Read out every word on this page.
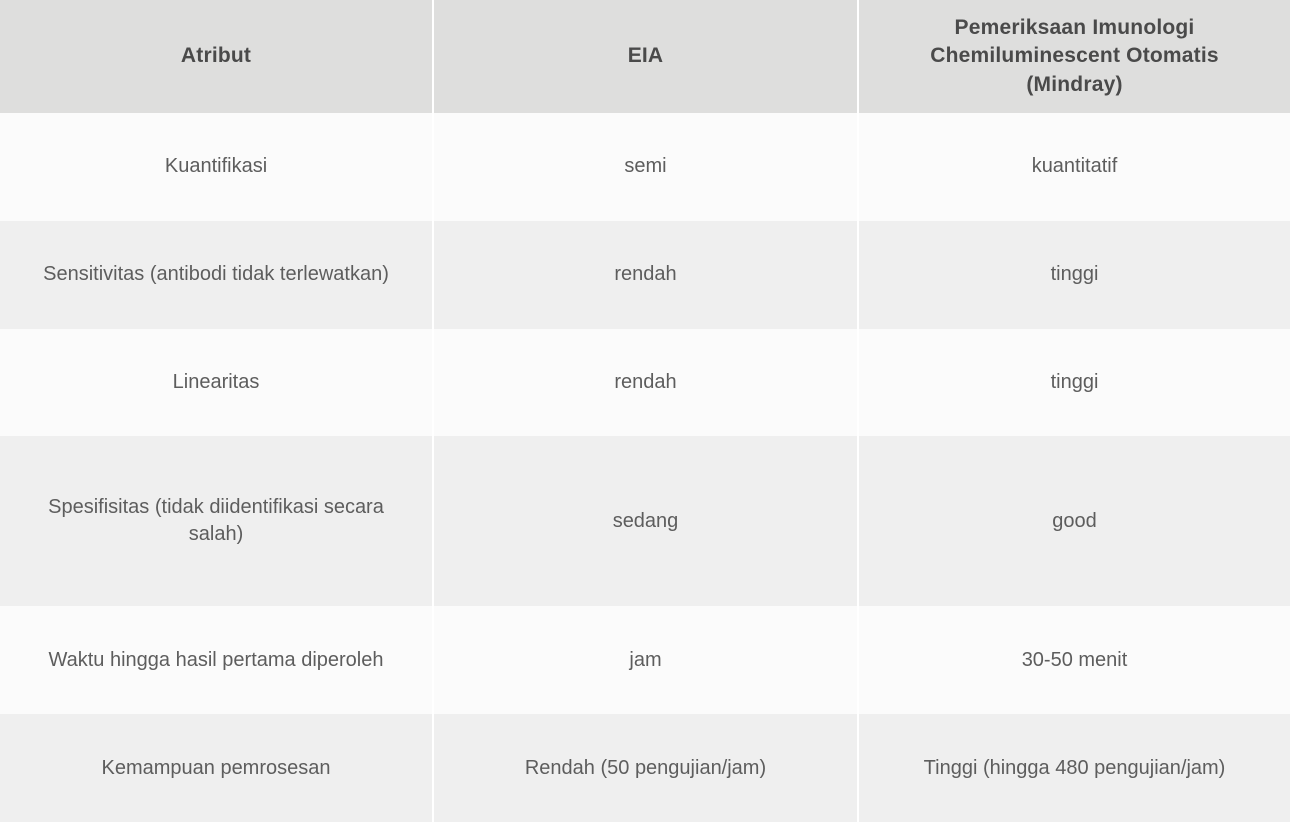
Atribut	EIA	Pemeriksaan Imunologi Chemiluminescent Otomatis (Mindray)

Kuantifikasi	semi	kuantitatif

Sensitivitas (antibodi tidak terlewatkan)	rendah	tinggi

Linearitas	rendah	tinggi

Spesifisitas (tidak diidentifikasi secara salah)	sedang	good

Waktu hingga hasil pertama diperoleh	jam	30-50 menit

Kemampuan pemrosesan	Rendah (50 pengujian/jam)	Tinggi (hingga 480 pengujian/jam)
